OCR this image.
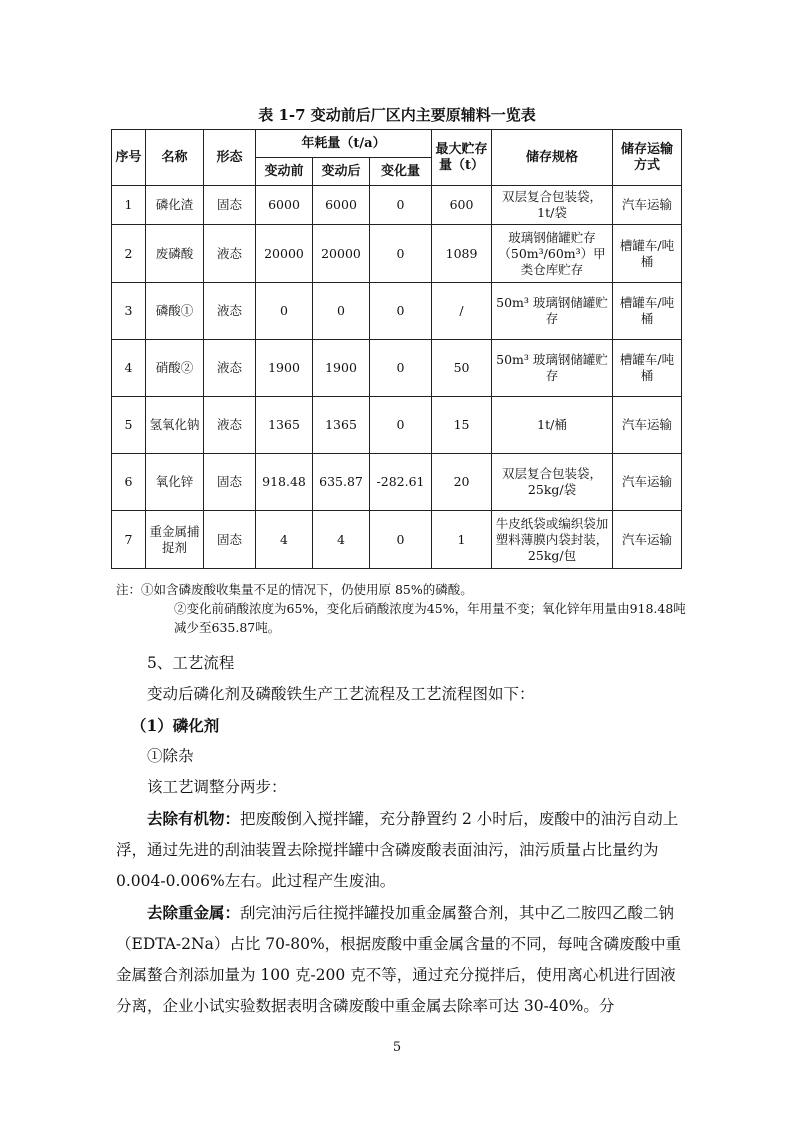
表 1-7 变动前后厂区内主要原辅料一览表
序号	名称	形态	年耗量（t/a）			最大贮存量（t）	储存规格	储存运输方式
			变动前	变动后	变化量			
1	磷化渣	固态	6000	6000	0	600	双层复合包装袋，1t/袋	汽车运输
2	废磷酸	液态	20000	20000	0	1089	玻璃钢储罐贮存（50m³/60m³）甲类仓库贮存	槽罐车/吨桶
3	磷酸①	液态	0	0	0	/	50m³ 玻璃钢储罐贮存	槽罐车/吨桶
4	硝酸②	液态	1900	1900	0	50	50m³ 玻璃钢储罐贮存	槽罐车/吨桶
5	氢氧化钠	液态	1365	1365	0	15	1t/桶	汽车运输
6	氧化锌	固态	918.48	635.87	-282.61	20	双层复合包装袋，25kg/袋	汽车运输
7	重金属捕捉剂	固态	4	4	0	1	牛皮纸袋或编织袋加塑料薄膜内袋封装，25kg/包	汽车运输

注：①如含磷废酸收集量不足的情况下，仍使用原 85%的磷酸。

②变化前硝酸浓度为65%，变化后硝酸浓度为45%，年用量不变；氧化锌年用量由918.48吨减少至635.87吨。

5、工艺流程

变动后磷化剂及磷酸铁生产工艺流程及工艺流程图如下：

（1）磷化剂

①除杂

该工艺调整分两步：

去除有机物：把废酸倒入搅拌罐，充分静置约 2 小时后，废酸中的油污自动上浮，通过先进的刮油装置去除搅拌罐中含磷废酸表面油污，油污质量占比量约为 0.004-0.006%左右。此过程产生废油。

去除重金属：刮完油污后往搅拌罐投加重金属螯合剂，其中乙二胺四乙酸二钠（EDTA-2Na）占比 70-80%，根据废酸中重金属含量的不同，每吨含磷废酸中重金属螯合剂添加量为 100 克-200 克不等，通过充分搅拌后，使用离心机进行固液分离，企业小试实验数据表明含磷废酸中重金属去除率可达 30-40%。分

5
